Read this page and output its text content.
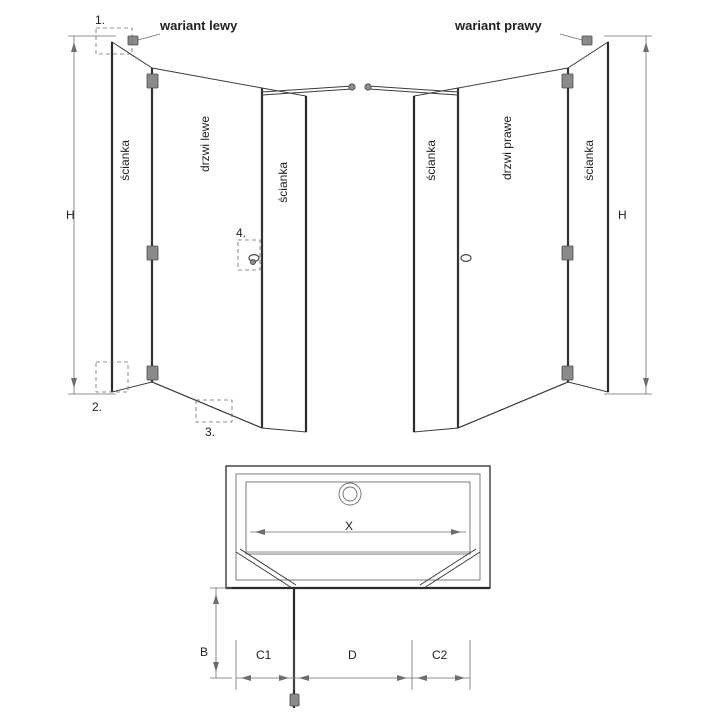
wariant lewy	wariant prawy
1.
2.
3.
4.
H	H
ścianka	drzwi lewe
ścianka
ścianka	drzwi prawe	ścianka
X
B	C1	D	C2
